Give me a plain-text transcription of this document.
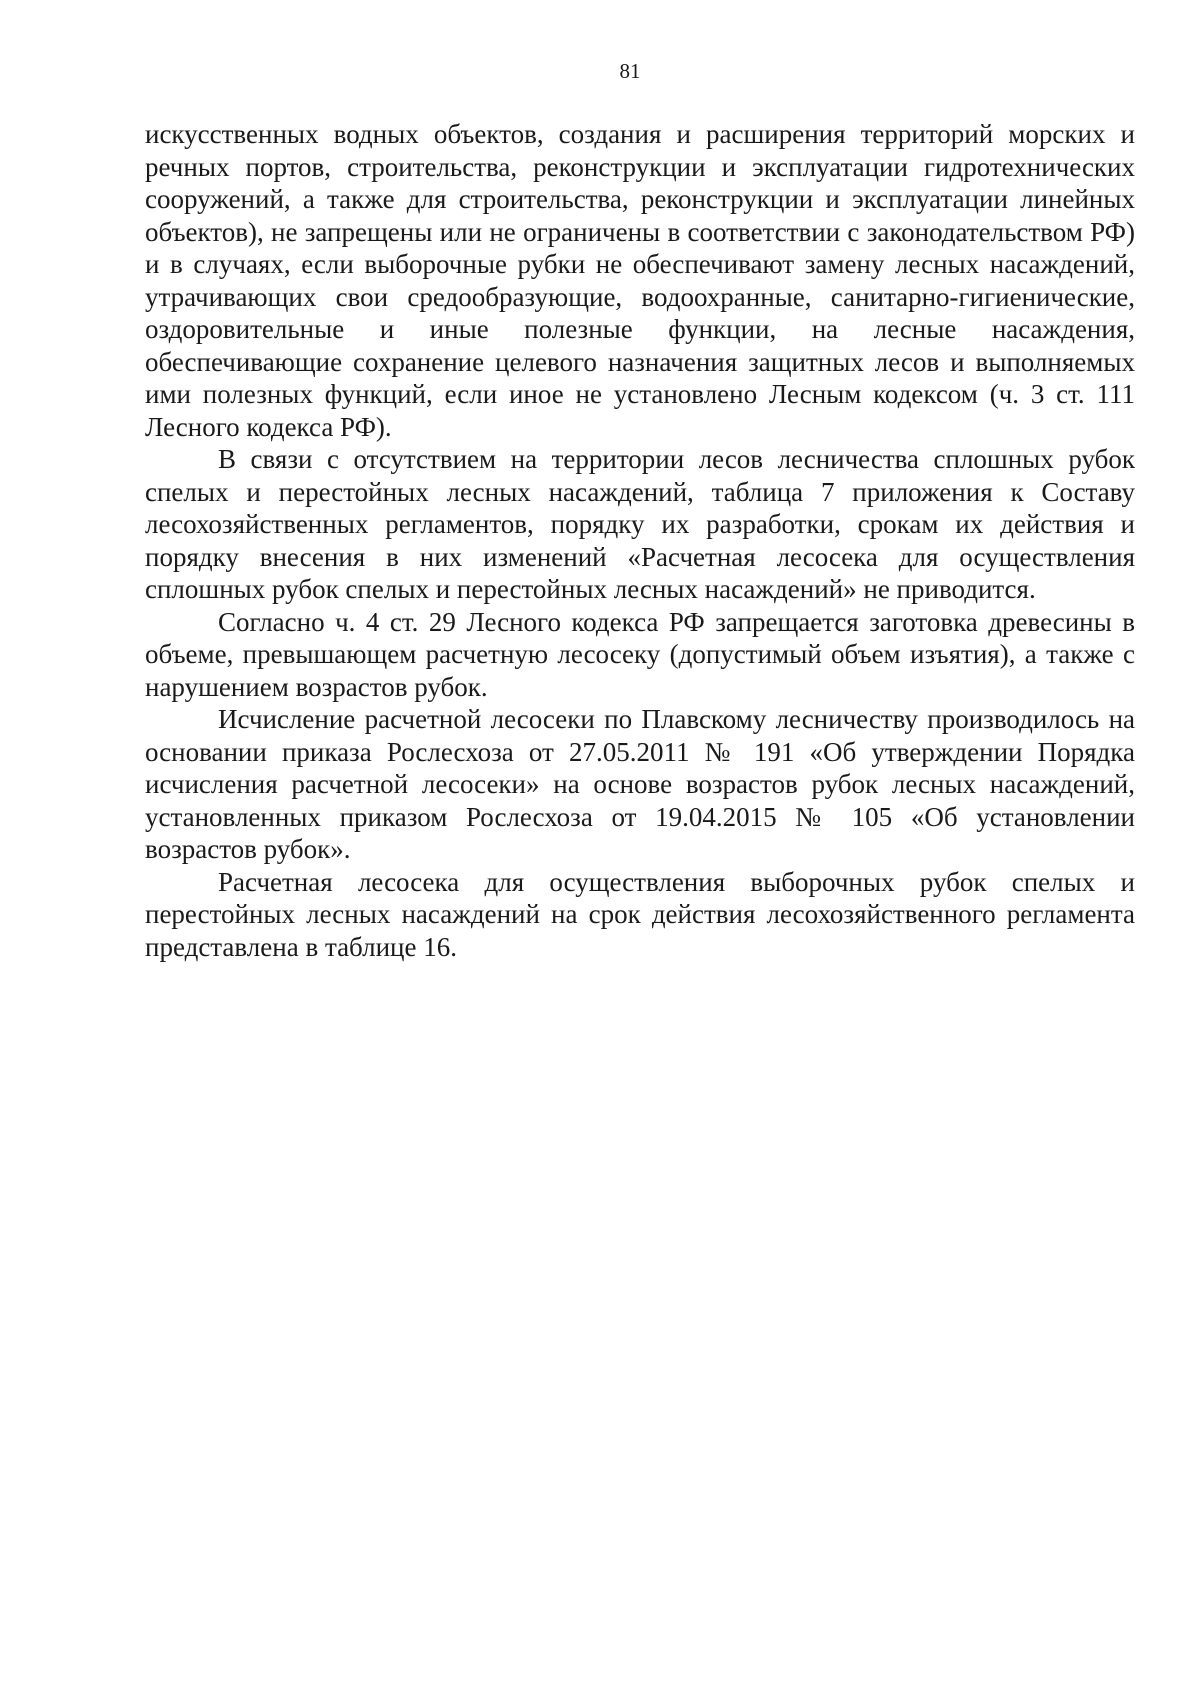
81

искусственных водных объектов, создания и расширения территорий морских и речных портов, строительства, реконструкции и эксплуатации гидротехнических сооружений, а также для строительства, реконструкции и эксплуатации линейных объектов), не запрещены или не ограничены в соответствии с законодательством РФ) и в случаях, если выборочные рубки не обеспечивают замену лесных насаждений, утрачивающих свои средообразующие, водоохранные, санитарно-гигиенические, оздоровительные и иные полезные функции, на лесные насаждения, обеспечивающие сохранение целевого назначения защитных лесов и выполняемых ими полезных функций, если иное не установлено Лесным кодексом (ч. 3 ст. 111 Лесного кодекса РФ).

В связи с отсутствием на территории лесов лесничества сплошных рубок спелых и перестойных лесных насаждений, таблица 7 приложения к Составу лесохозяйственных регламентов, порядку их разработки, срокам их действия и порядку внесения в них изменений «Расчетная лесосека для осуществления сплошных рубок спелых и перестойных лесных насаждений» не приводится.

Согласно ч. 4 ст. 29 Лесного кодекса РФ запрещается заготовка древесины в объеме, превышающем расчетную лесосеку (допустимый объем изъятия), а также с нарушением возрастов рубок.

Исчисление расчетной лесосеки по Плавскому лесничеству производилось на основании приказа Рослесхоза от 27.05.2011 № 191 «Об утверждении Порядка исчисления расчетной лесосеки» на основе возрастов рубок лесных насаждений, установленных приказом Рослесхоза от 19.04.2015 № 105 «Об установлении возрастов рубок».

Расчетная лесосека для осуществления выборочных рубок спелых и перестойных лесных насаждений на срок действия лесохозяйственного регламента представлена в таблице 16.
